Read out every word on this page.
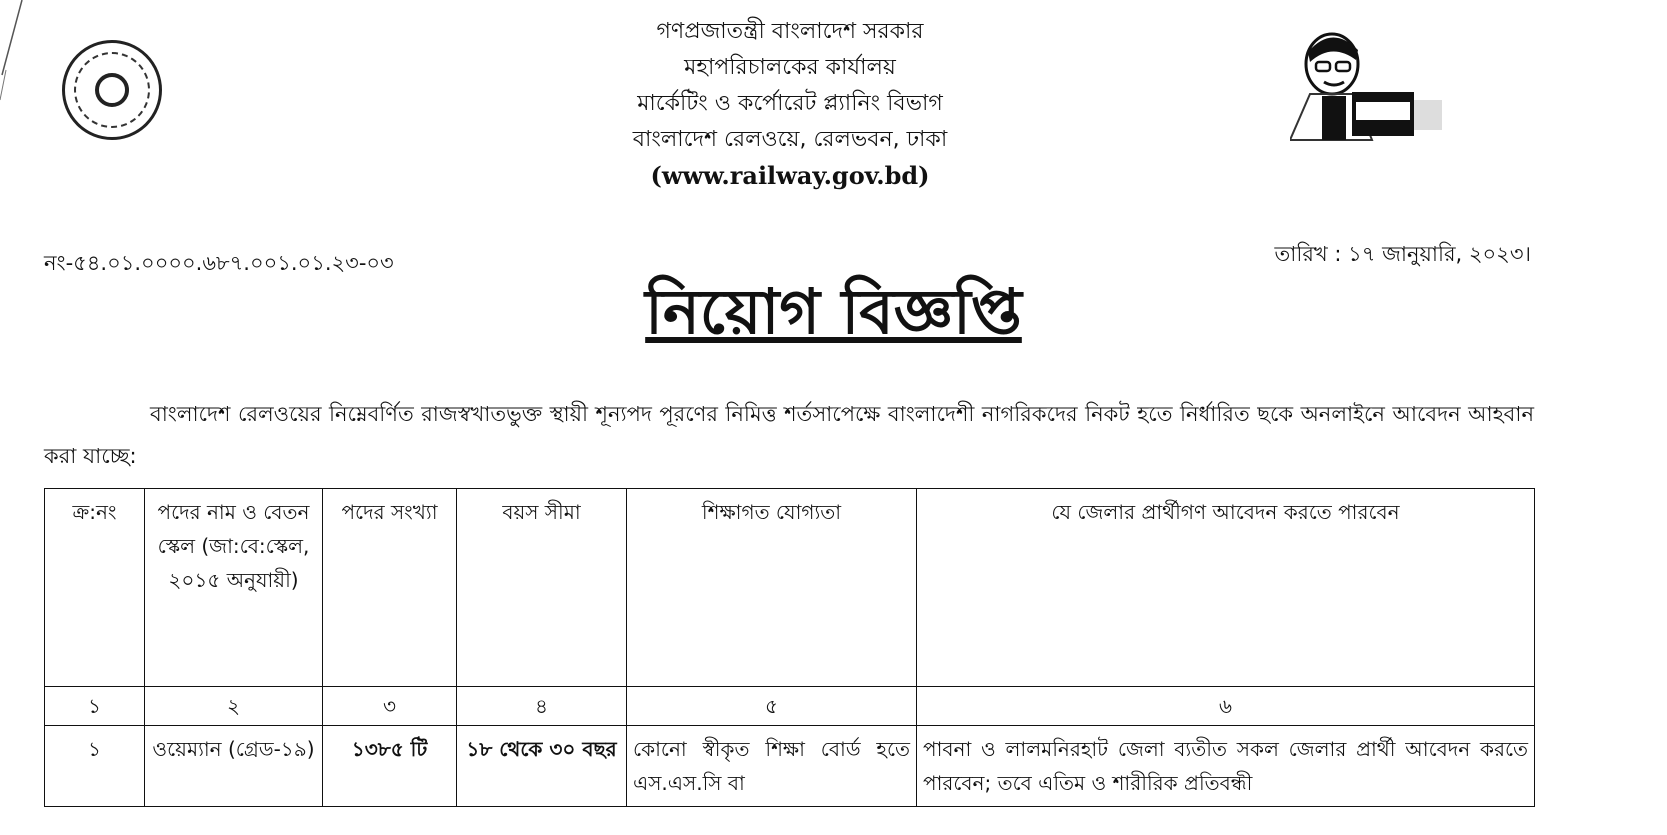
গণপ্রজাতন্ত্রী বাংলাদেশ সরকার
মহাপরিচালকের কার্যালয়
মার্কেটিং ও কর্পোরেট প্ল্যানিং বিভাগ
বাংলাদেশ রেলওয়ে, রেলভবন, ঢাকা
(www.railway.gov.bd)
নং-৫৪.০১.০০০০.৬৮৭.০০১.০১.২৩-০৩	তারিখ : ১৭ জানুয়ারি, ২০২৩।
নিয়োগ বিজ্ঞপ্তি
বাংলাদেশ রেলওয়ের নিম্নেবর্ণিত রাজস্বখাতভুক্ত স্থায়ী শূন্যপদ পূরণের নিমিত্ত শর্তসাপেক্ষে বাংলাদেশী নাগরিকদের নিকট হতে নির্ধারিত ছকে অনলাইনে আবেদন আহবান করা যাচ্ছে:
ক্র:নং	পদের নাম ও বেতন স্কেল (জা:বে:স্কেল, ২০১৫ অনুযায়ী)	পদের সংখ্যা	বয়স সীমা	শিক্ষাগত যোগ্যতা	যে জেলার প্রার্থীগণ আবেদন করতে পারবেন
১	২	৩	৪	৫	৬
১	ওয়েম্যান (গ্রেড-১৯)	১৩৮৫ টি	১৮ থেকে ৩০ বছর	কোনো স্বীকৃত শিক্ষা বোর্ড হতে এস.এস.সি বা	পাবনা ও লালমনিরহাট জেলা ব্যতীত সকল জেলার প্রার্থী আবেদন করতে পারবেন; তবে এতিম ও শারীরিক প্রতিবন্ধী
